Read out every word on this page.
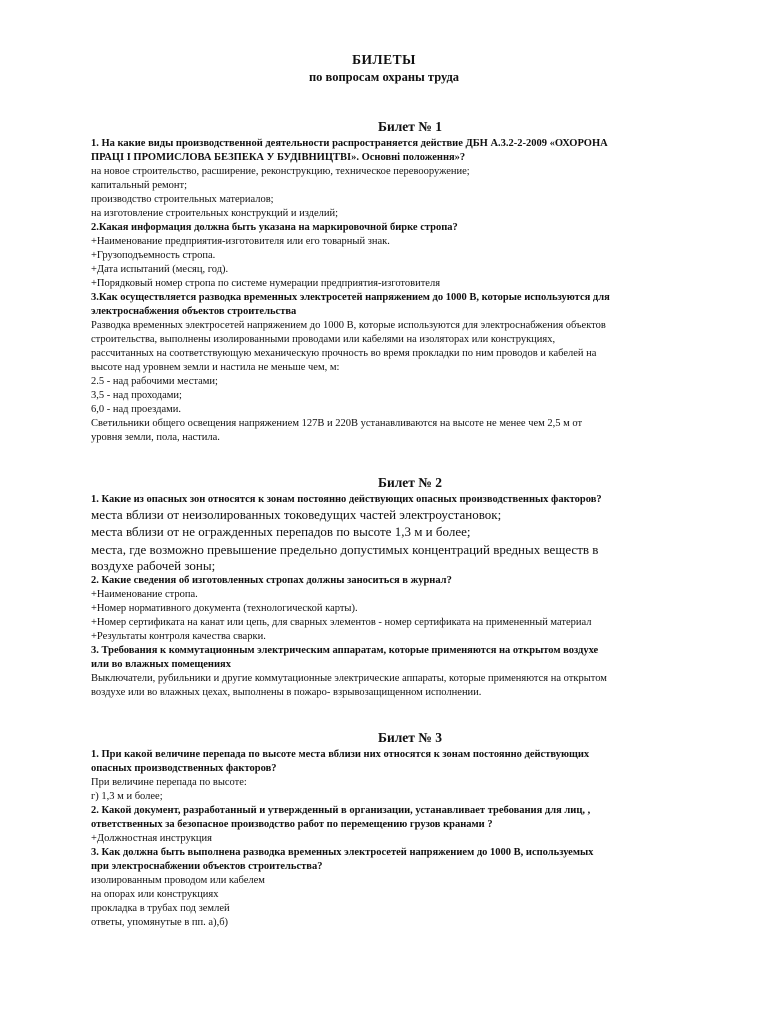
БИЛЕТЫ
по вопросам охраны труда
Билет № 1
1. На какие виды производственной деятельности распространяется действие ДБН А.3.2-2-2009 «ОХОРОНА
ПРАЦІ І ПРОМИСЛОВА БЕЗПЕКА У БУДІВНИЦТВІ». Основні положення»?
на новое строительство, расширение, реконструкцию, техническое перевооружение;
капитальный ремонт;
производство строительных материалов;
на изготовление строительных конструкций и изделий;
2.Какая информация должна быть указана на маркировочной бирке стропа?
+Наименование предприятия-изготовителя или его товарный знак.
+Грузоподъемность стропа.
+Дата испытаний (месяц, год).
+Порядковый номер стропа по системе нумерации предприятия-изготовителя
3.Как осуществляется разводка временных электросетей напряжением до 1000 В, которые используются для
электроснабжения объектов строительства
Разводка временных электросетей напряжением до 1000 В, которые используются для электроснабжения объектов
строительства, выполнены изолированными проводами или кабелями на изоляторах или конструкциях,
рассчитанных на соответствующую механическую прочность во время прокладки по ним проводов и кабелей на
высоте над уровнем земли и настила не меньше чем, м:
2.5 - над рабочими местами;
3,5 - над проходами;
6,0 - над проездами.
Светильники общего освещения напряжением 127В и 220В устанавливаются на высоте не менее чем 2,5 м от
уровня земли, пола, настила.
Билет № 2
1. Какие из опасных зон относятся к зонам постоянно действующих опасных производственных факторов?
места вблизи от неизолированных токоведущих частей электроустановок;
места вблизи от не огражденных перепадов по высоте 1,3 м и более;
места, где возможно превышение предельно допустимых концентраций вредных веществ в
воздухе рабочей зоны;
2. Какие сведения об изготовленных стропах должны заноситься в журнал?
+Наименование стропа.
+Номер нормативного документа (технологической карты).
+Номер сертификата на канат или цепь, для сварных элементов - номер сертификата на примененный материал
+Результаты контроля качества сварки.
3. Требования к коммутационным электрическим аппаратам, которые применяются на открытом воздухе
или во влажных помещениях
Выключатели, рубильники и другие коммутационные электрические аппараты, которые применяются на открытом
воздухе или во влажных цехах, выполнены в пожаро- взрывозащищенном исполнении.
Билет № 3
1. При какой величине перепада по высоте места вблизи них относятся к зонам постоянно действующих
опасных производственных факторов?
При величине перепада по высоте:
г) 1,3 м и более;
2. Какой документ, разработанный и утвержденный в организации, устанавливает требования для лиц, ,
ответственных за безопасное производство работ по перемещению грузов кранами ?
+Должностная инструкция
3. Как должна быть выполнена разводка временных электросетей напряжением до 1000 В, используемых
при электроснабжении объектов строительства?
изолированным проводом или кабелем
на опорах или конструкциях
прокладка в трубах под землей
ответы, упомянутые в пп. а),б)
